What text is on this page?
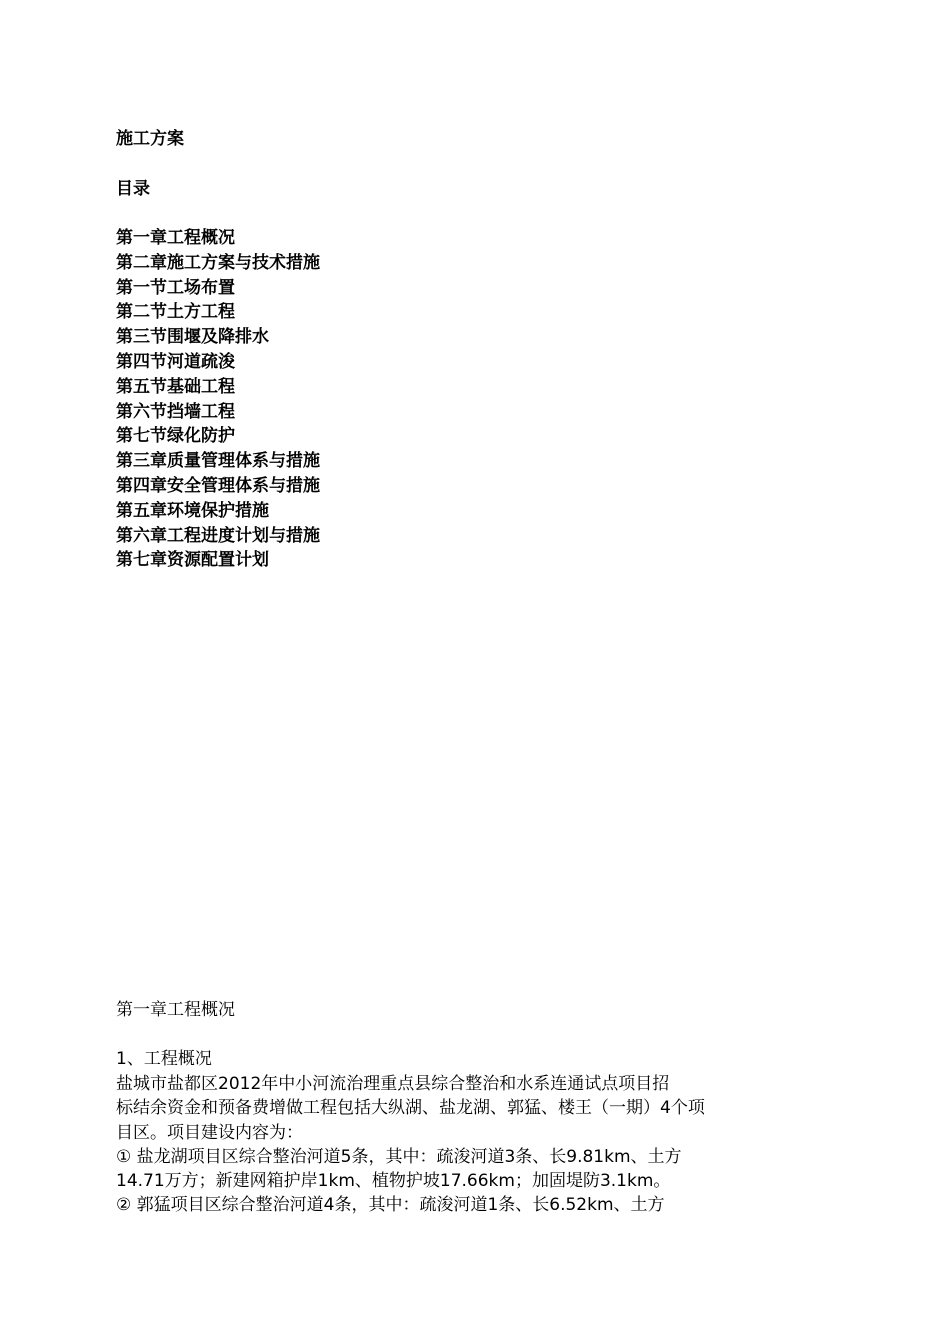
施工方案
目录
第一章工程概况
第二章施工方案与技术措施
第一节工场布置
第二节土方工程
第三节围堰及降排水
第四节河道疏浚
第五节基础工程
第六节挡墙工程
第七节绿化防护
第三章质量管理体系与措施
第四章安全管理体系与措施
第五章环境保护措施
第六章工程进度计划与措施
第七章资源配置计划
第一章工程概况
1、工程概况
盐城市盐都区2012年中小河流治理重点县综合整治和水系连通试点项目招
标结余资金和预备费增做工程包括大纵湖、盐龙湖、郭猛、楼王（一期）4个项
目区。项目建设内容为：
① 盐龙湖项目区综合整治河道5条，其中：疏浚河道3条、长9.81km、土方
14.71万方；新建网箱护岸1km、植物护坡17.66km；加固堤防3.1km。
② 郭猛项目区综合整治河道4条，其中：疏浚河道1条、长6.52km、土方
